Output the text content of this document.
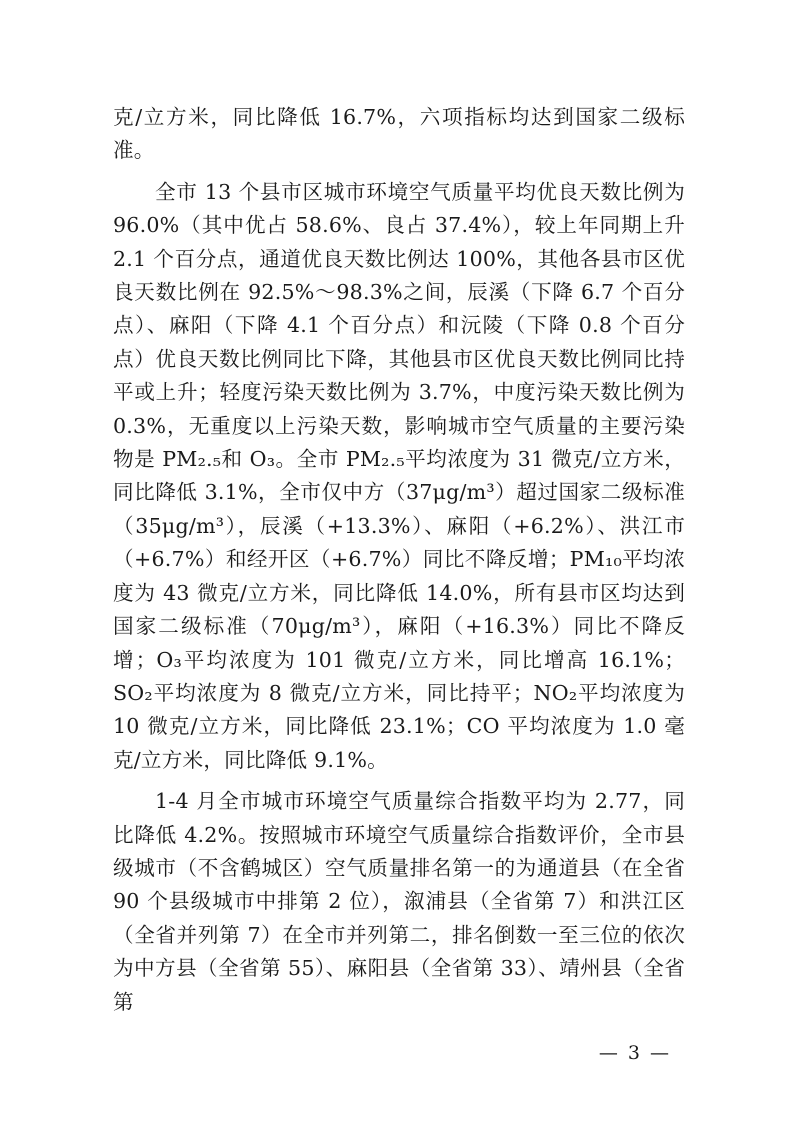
克/立方米，同比降低 16.7%，六项指标均达到国家二级标准。

全市 13 个县市区城市环境空气质量平均优良天数比例为 96.0%（其中优占 58.6%、良占 37.4%），较上年同期上升 2.1 个百分点，通道优良天数比例达 100%，其他各县市区优良天数比例在 92.5%～98.3%之间，辰溪（下降 6.7 个百分点）、麻阳（下降 4.1 个百分点）和沅陵（下降 0.8 个百分点）优良天数比例同比下降，其他县市区优良天数比例同比持平或上升；轻度污染天数比例为 3.7%，中度污染天数比例为 0.3%，无重度以上污染天数，影响城市空气质量的主要污染物是 PM₂.₅和 O₃。全市 PM₂.₅平均浓度为 31 微克/立方米，同比降低 3.1%，全市仅中方（37μg/m³）超过国家二级标准（35μg/m³），辰溪（+13.3%）、麻阳（+6.2%）、洪江市（+6.7%）和经开区（+6.7%）同比不降反增；PM₁₀平均浓度为 43 微克/立方米，同比降低 14.0%，所有县市区均达到国家二级标准（70μg/m³），麻阳（+16.3%）同比不降反增；O₃平均浓度为 101 微克/立方米，同比增高 16.1%；SO₂平均浓度为 8 微克/立方米，同比持平；NO₂平均浓度为 10 微克/立方米，同比降低 23.1%；CO 平均浓度为 1.0 毫克/立方米，同比降低 9.1%。

1-4 月全市城市环境空气质量综合指数平均为 2.77，同比降低 4.2%。按照城市环境空气质量综合指数评价，全市县级城市（不含鹤城区）空气质量排名第一的为通道县（在全省 90 个县级城市中排第 2 位），溆浦县（全省第 7）和洪江区（全省并列第 7）在全市并列第二，排名倒数一至三位的依次为中方县（全省第 55）、麻阳县（全省第 33）、靖州县（全省第

— 3 —
